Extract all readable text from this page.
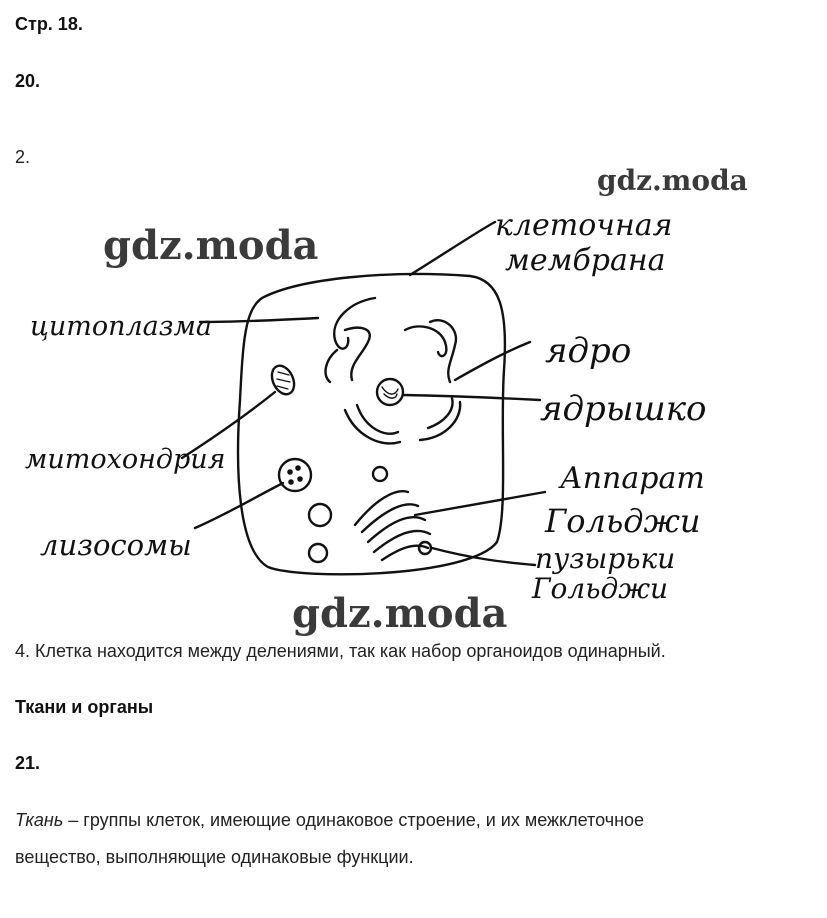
Стр. 18.

20.

2.

клеточная
мембрана
цитоплазма
ядро
ядрышко
митохондрия
лизосомы
Аппарат
Гольджи
пузырьки
Гольджи
gdz.moda
gdz.moda
gdz.moda

4. Клетка находится между делениями, так как набор органоидов одинарный.

Ткани и органы

21.

Ткань – группы клеток, имеющие одинаковое строение, и их межклеточное

вещество, выполняющие одинаковые функции.
